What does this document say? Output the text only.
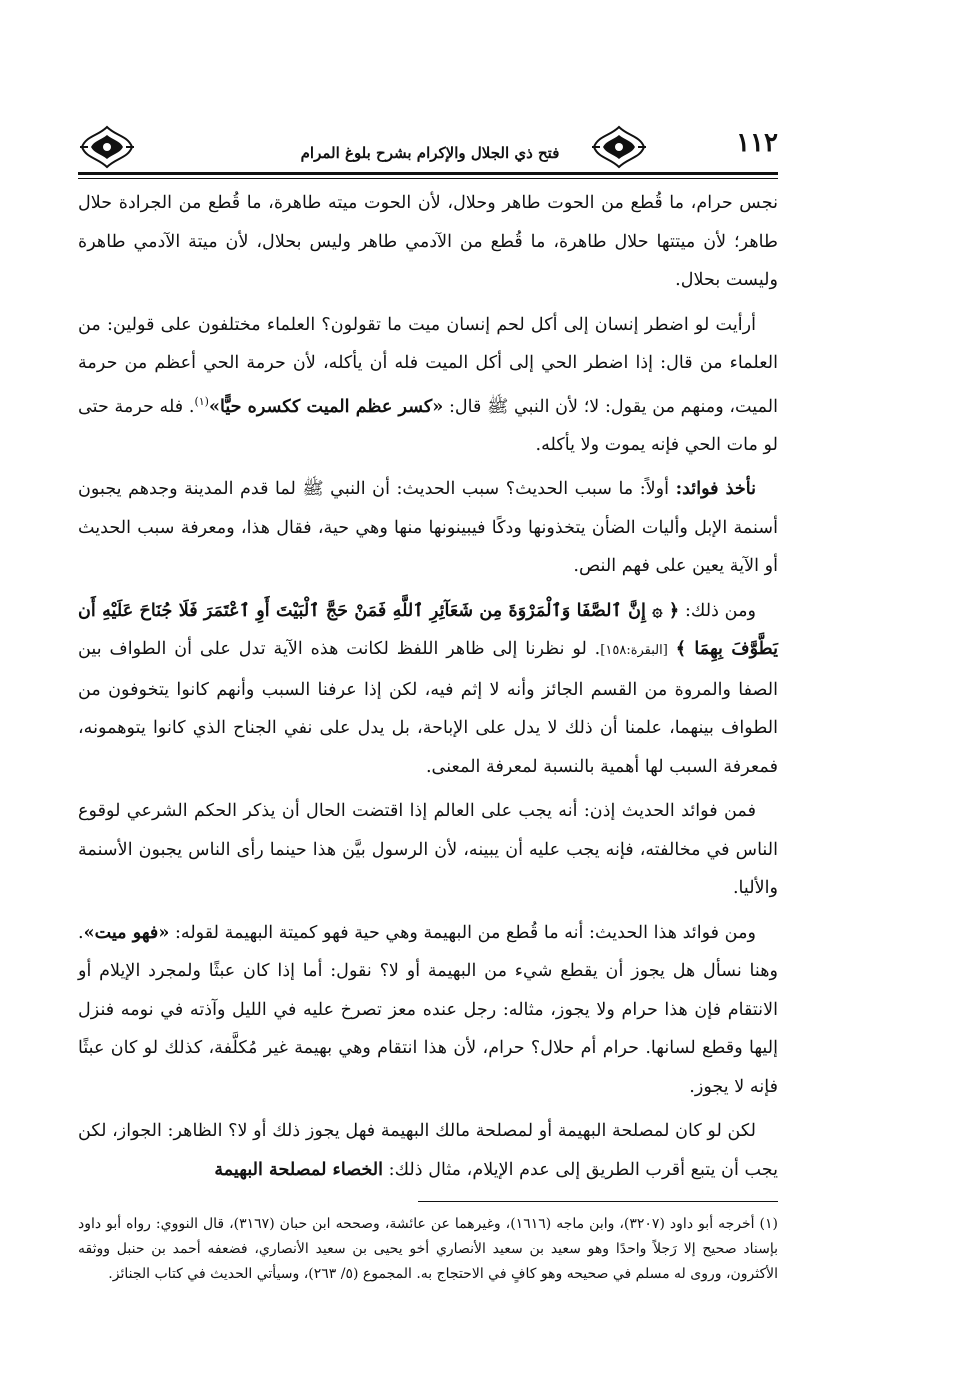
١١٢
فتح ذي الجلال والإكرام بشرح بلوغ المرام

نجس حرام، ما قُطع من الحوت طاهر وحلال، لأن الحوت ميته طاهرة، ما قُطع من الجرادة حلال طاهر؛ لأن ميتتها حلال طاهرة، ما قُطع من الآدمي طاهر وليس بحلال، لأن ميتة الآدمي طاهرة وليست بحلال.

أرأيت لو اضطر إنسان إلى أكل لحم إنسان ميت ما تقولون؟ العلماء مختلفون على قولين: من العلماء من قال: إذا اضطر الحي إلى أكل الميت فله أن يأكله، لأن حرمة الحي أعظم من حرمة الميت، ومنهم من يقول: لا؛ لأن النبي ﷺ قال: «كسر عظم الميت ككسره حيًّا»$^{(١)}$. فله حرمة حتى لو مات الحي فإنه يموت ولا يأكله.

نأخذ فوائد: أولاً: ما سبب الحديث؟ سبب الحديث: أن النبي ﷺ لما قدم المدينة وجدهم يجبون أسنمة الإبل وأليات الضأن يتخذونها ودكًا فيبينونها منها وهي حية، فقال هذا، ومعرفة سبب الحديث أو الآية يعين على فهم النص.

ومن ذلك: ﴿ ۞ إِنَّ ٱلصَّفَا وَٱلْمَرْوَةَ مِن شَعَآئِرِ ٱللَّهِ فَمَنْ حَجَّ ٱلْبَيْتَ أَوِ ٱعْتَمَرَ فَلَا جُنَاحَ عَلَيْهِ أَن يَطَّوَّفَ بِهِمَا ﴾ [البقرة:١٥٨]. لو نظرنا إلى ظاهر اللفظ لكانت هذه الآية تدل على أن الطواف بين الصفا والمروة من القسم الجائز وأنه لا إثم فيه، لكن إذا عرفنا السبب وأنهم كانوا يتخوفون من الطواف بينهما، علمنا أن ذلك لا يدل على الإباحة، بل يدل على نفي الجناح الذي كانوا يتوهمونه، فمعرفة السبب لها أهمية بالنسبة لمعرفة المعنى.

فمن فوائد الحديث إذن: أنه يجب على العالم إذا اقتضت الحال أن يذكر الحكم الشرعي لوقوع الناس في مخالفته، فإنه يجب عليه أن يبينه، لأن الرسول بيَّن هذا حينما رأى الناس يجبون الأسنمة والأليا.

ومن فوائد هذا الحديث: أنه ما قُطع من البهيمة وهي حية فهو كميتة البهيمة لقوله: «فهو ميت». وهنا نسأل هل يجوز أن يقطع شيء من البهيمة أو لا؟ نقول: أما إذا كان عبثًا ولمجرد الإيلام أو الانتقام فإن هذا حرام ولا يجوز، مثاله: رجل عنده معز تصرخ عليه في الليل وآذته في نومه فنزل إليها وقطع لسانها. حرام أم حلال؟ حرام، لأن هذا انتقام وهي بهيمة غير مُكلَّفة، كذلك لو كان عبثًا فإنه لا يجوز.

لكن لو كان لمصلحة البهيمة أو لمصلحة مالك البهيمة فهل يجوز ذلك أو لا؟ الظاهر: الجواز، لكن يجب أن يتبع أقرب الطريق إلى عدم الإيلام، مثال ذلك: الخصاء لمصلحة البهيمة

(١) أخرجه أبو داود (٣٢٠٧)، وابن ماجه (١٦١٦)، وغيرهما عن عائشة، وصححه ابن حبان (٣١٦٧)، قال النووي: رواه أبو داود بإسناد صحيح إلا رَجلاً واحدًا وهو سعيد بن سعيد الأنصاري أخو يحيى بن سعيد الأنصاري، فضعفه أحمد بن حنبل ووثقه الأكثرون، وروى له مسلم في صحيحه وهو كافٍ في الاحتجاج به. المجموع (٥/ ٢٦٣)، وسيأتي الحديث في كتاب الجنائز.
